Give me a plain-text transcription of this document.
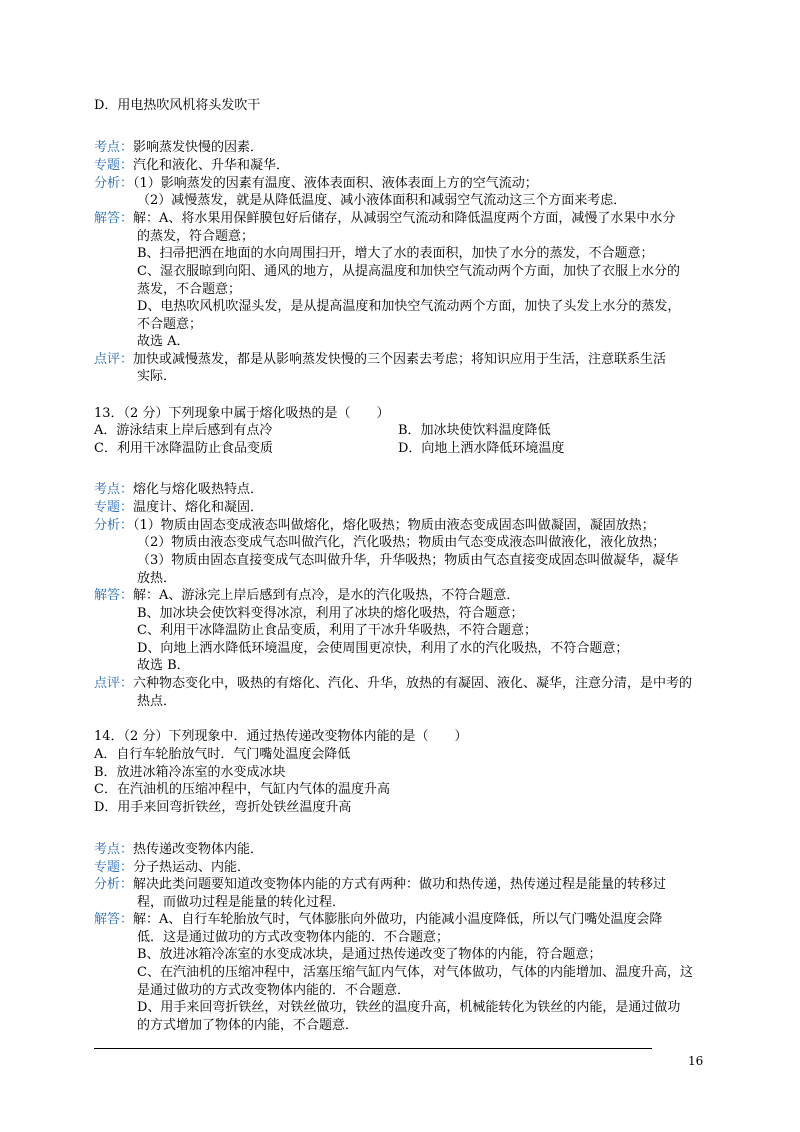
D．用电热吹风机将头发吹干
考点：影响蒸发快慢的因素．
专题：汽化和液化、升华和凝华．
分析：（1）影响蒸发的因素有温度、液体表面积、液体表面上方的空气流动；
（2）减慢蒸发，就是从降低温度、减小液体面积和减弱空气流动这三个方面来考虑．
解答：解：A、将水果用保鲜膜包好后储存，从减弱空气流动和降低温度两个方面，减慢了水果中水分
的蒸发，符合题意；
B、扫帚把洒在地面的水向周围扫开，增大了水的表面积，加快了水分的蒸发，不合题意；
C、湿衣服晾到向阳、通风的地方，从提高温度和加快空气流动两个方面，加快了衣服上水分的
蒸发，不合题意；
D、电热吹风机吹湿头发，是从提高温度和加快空气流动两个方面，加快了头发上水分的蒸发，
不合题意；
故选 A．
点评：加快或减慢蒸发，都是从影响蒸发快慢的三个因素去考虑；将知识应用于生活，注意联系生活
实际．
13．（2 分）下列现象中属于熔化吸热的是（　　）
A．游泳结束上岸后感到有点冷	B．加冰块使饮料温度降低
C．利用干冰降温防止食品变质	D．向地上洒水降低环境温度
考点：熔化与熔化吸热特点．
专题：温度计、熔化和凝固．
分析：（1）物质由固态变成液态叫做熔化，熔化吸热；物质由液态变成固态叫做凝固，凝固放热；
（2）物质由液态变成气态叫做汽化，汽化吸热；物质由气态变成液态叫做液化，液化放热；
（3）物质由固态直接变成气态叫做升华，升华吸热；物质由气态直接变成固态叫做凝华，凝华
放热．
解答：解：A、游泳完上岸后感到有点冷，是水的汽化吸热，不符合题意．
B、加冰块会使饮料变得冰凉，利用了冰块的熔化吸热，符合题意；
C、利用干冰降温防止食品变质，利用了干冰升华吸热，不符合题意；
D、向地上洒水降低环境温度，会使周围更凉快，利用了水的汽化吸热，不符合题意；
故选 B．
点评：六种物态变化中，吸热的有熔化、汽化、升华，放热的有凝固、液化、凝华，注意分清，是中考的
热点．
14．（2 分）下列现象中．通过热传递改变物体内能的是（　　）
A．自行车轮胎放气时．气门嘴处温度会降低
B．放进冰箱冷冻室的水变成冰块
C．在汽油机的压缩冲程中，气缸内气体的温度升高
D．用手来回弯折铁丝，弯折处铁丝温度升高
考点：热传递改变物体内能．
专题：分子热运动、内能．
分析：解决此类问题要知道改变物体内能的方式有两种：做功和热传递，热传递过程是能量的转移过
程，而做功过程是能量的转化过程．
解答：解：A、自行车轮胎放气时，气体膨胀向外做功，内能减小温度降低，所以气门嘴处温度会降
低．这是通过做功的方式改变物体内能的．不合题意；
B、放进冰箱冷冻室的水变成冰块，是通过热传递改变了物体的内能，符合题意；
C、在汽油机的压缩冲程中，活塞压缩气缸内气体，对气体做功，气体的内能增加、温度升高，这
是通过做功的方式改变物体内能的．不合题意．
D、用手来回弯折铁丝，对铁丝做功，铁丝的温度升高，机械能转化为铁丝的内能，是通过做功
的方式增加了物体的内能，不合题意．
16
